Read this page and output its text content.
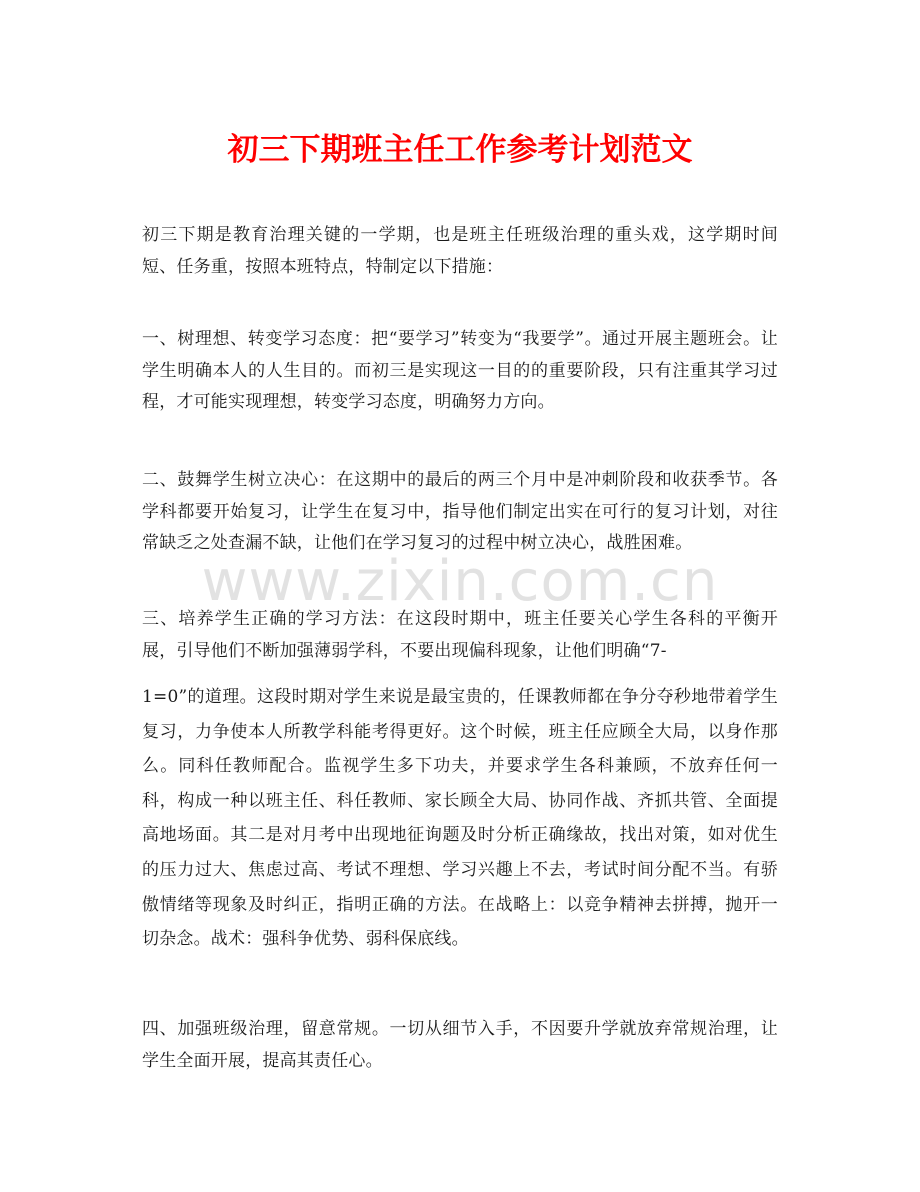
初三下期班主任工作参考计划范文

初三下期是教育治理关键的一学期，也是班主任班级治理的重头戏，这学期时间短、任务重，按照本班特点，特制定以下措施：

一、树理想、转变学习态度：把“要学习”转变为“我要学”。通过开展主题班会。让学生明确本人的人生目的。而初三是实现这一目的的重要阶段，只有注重其学习过程，才可能实现理想，转变学习态度，明确努力方向。

二、鼓舞学生树立决心：在这期中的最后的两三个月中是冲刺阶段和收获季节。各学科都要开始复习，让学生在复习中，指导他们制定出实在可行的复习计划，对往常缺乏之处查漏不缺，让他们在学习复习的过程中树立决心，战胜困难。

三、培养学生正确的学习方法：在这段时期中，班主任要关心学生各科的平衡开展，引导他们不断加强薄弱学科，不要出现偏科现象，让他们明确“7-

1=0”的道理。这段时期对学生来说是最宝贵的，任课教师都在争分夺秒地带着学生复习，力争使本人所教学科能考得更好。这个时候，班主任应顾全大局，以身作那么。同科任教师配合。监视学生多下功夫，并要求学生各科兼顾，不放弃任何一科，构成一种以班主任、科任教师、家长顾全大局、协同作战、齐抓共管、全面提高地场面。其二是对月考中出现地征询题及时分析正确缘故，找出对策，如对优生的压力过大、焦虑过高、考试不理想、学习兴趣上不去，考试时间分配不当。有骄傲情绪等现象及时纠正，指明正确的方法。在战略上：以竞争精神去拼搏，抛开一切杂念。战术：强科争优势、弱科保底线。

四、加强班级治理，留意常规。一切从细节入手，不因要升学就放弃常规治理，让学生全面开展，提高其责任心。

www.zixin.com.cn
